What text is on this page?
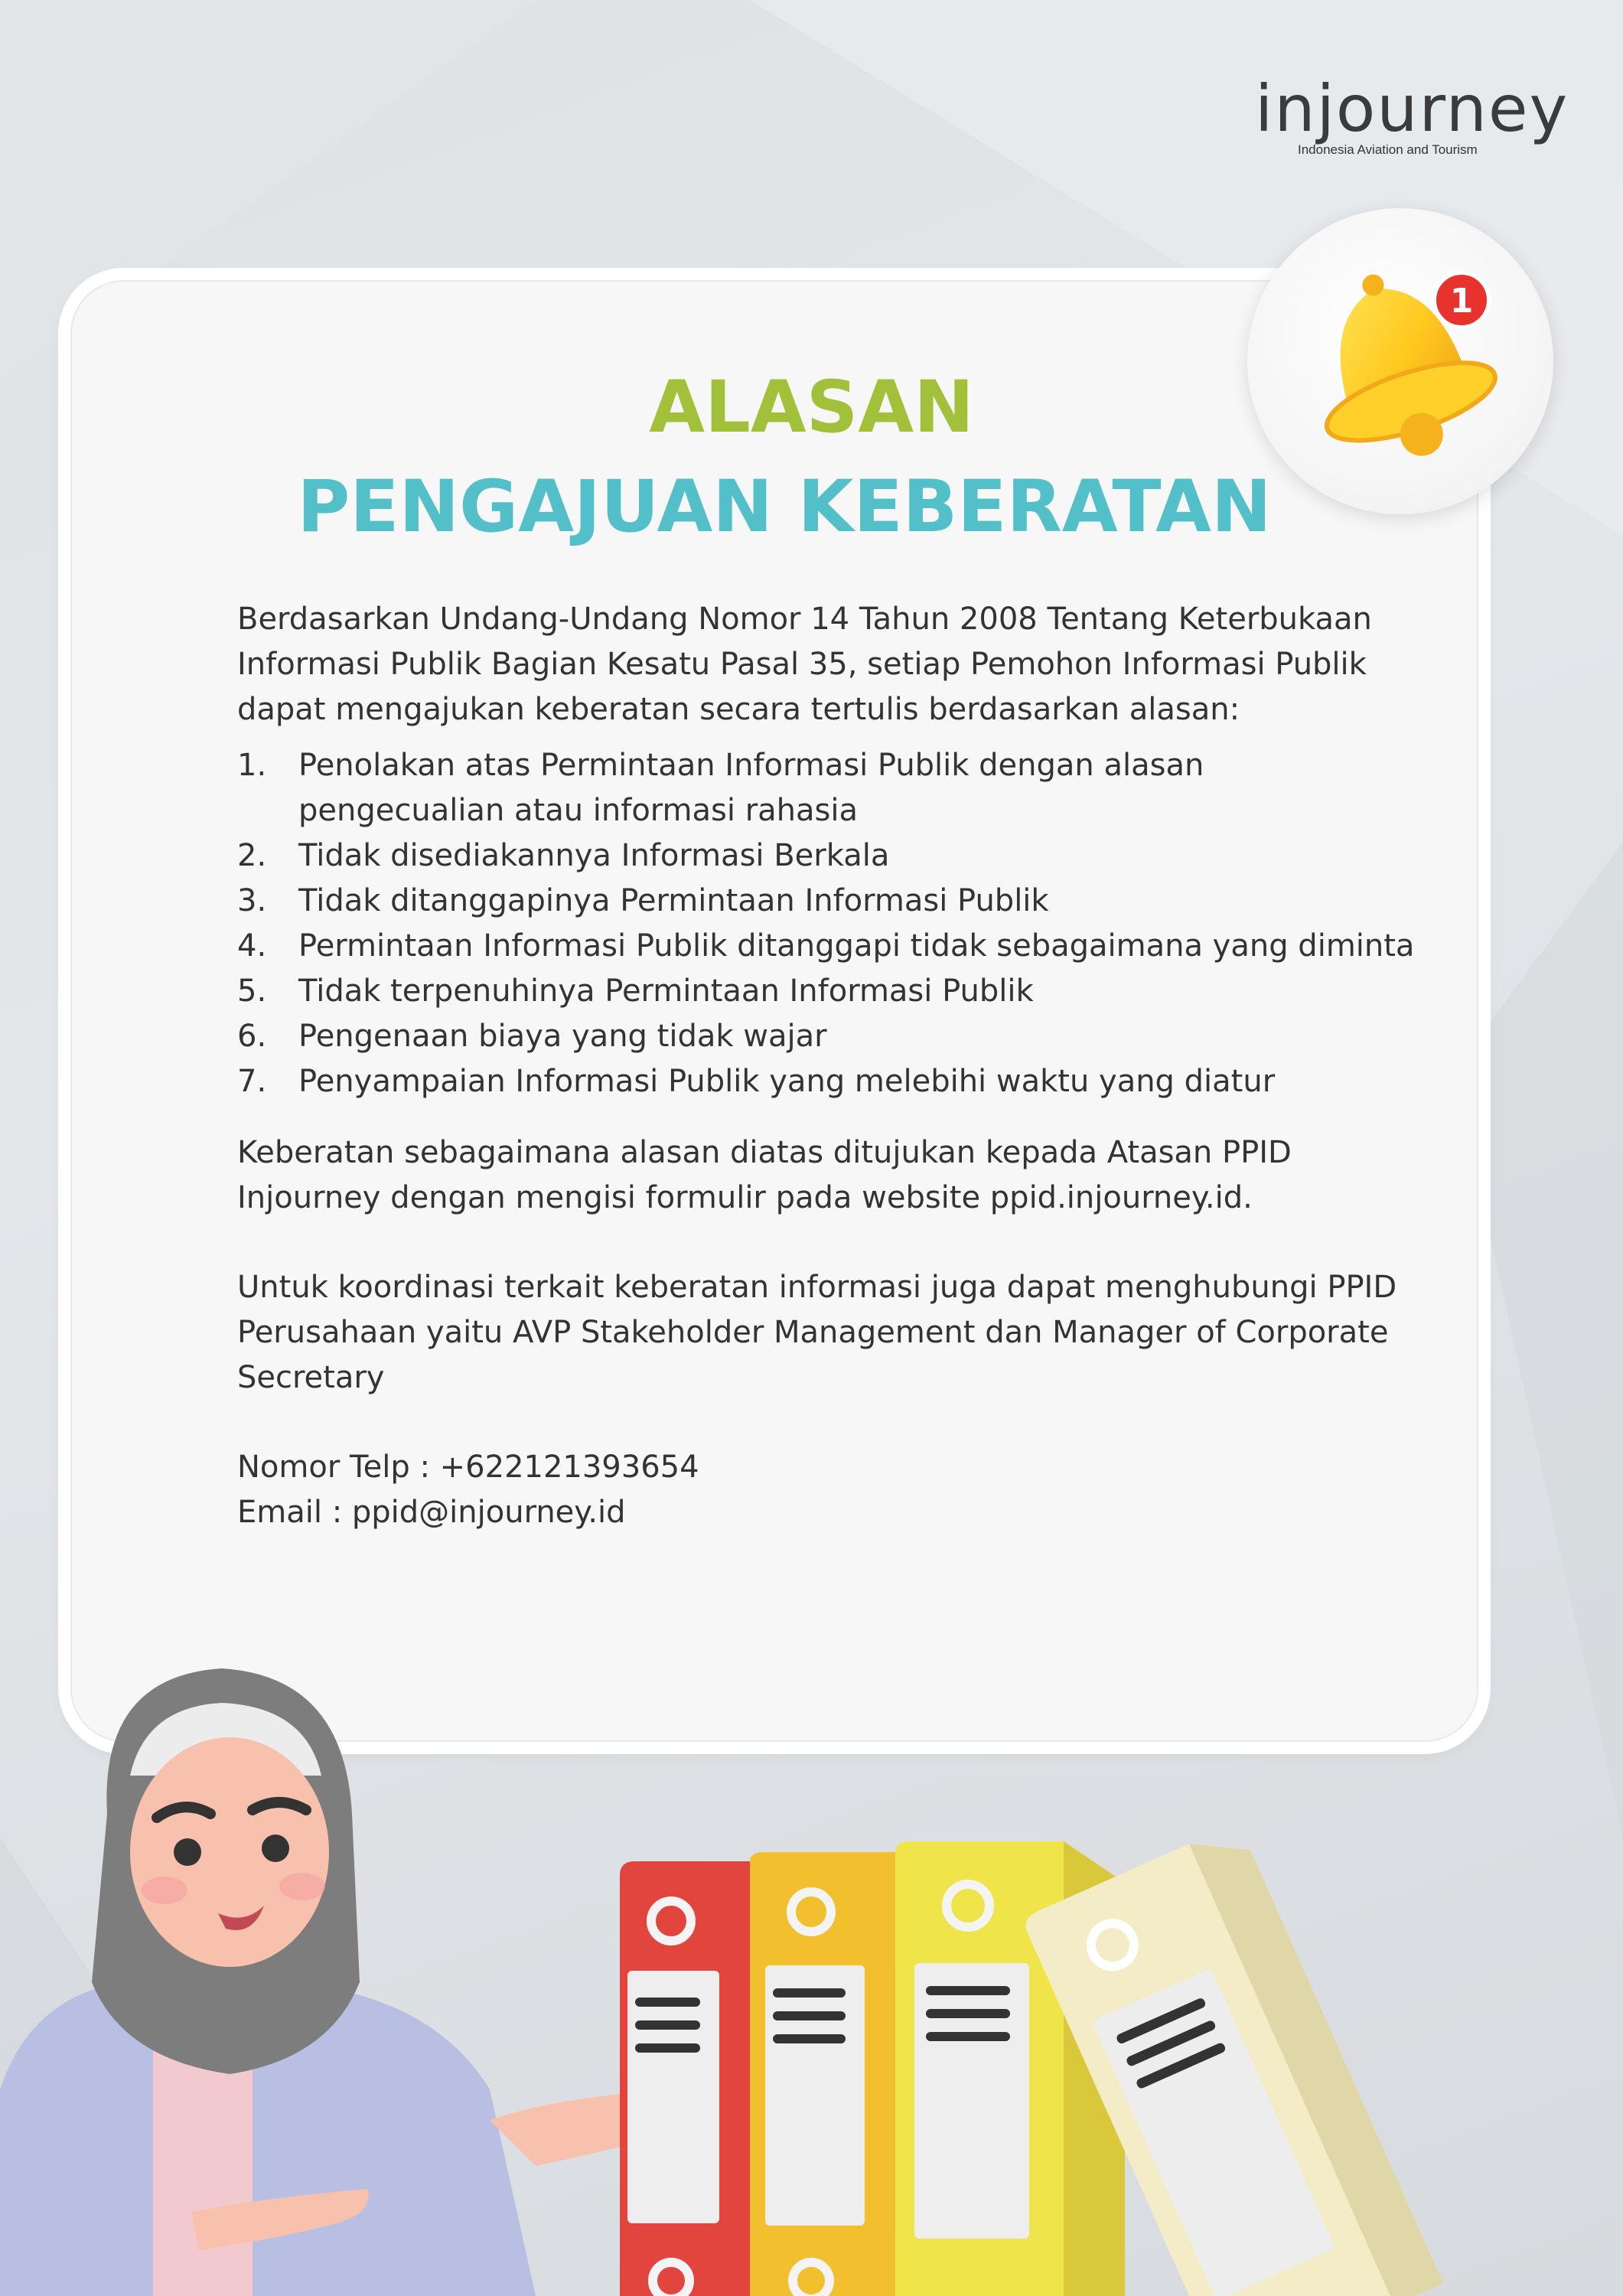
injourney
Indonesia Aviation and Tourism
1
ALASAN
PENGAJUAN KEBERATAN

Berdasarkan Undang-Undang Nomor 14 Tahun 2008 Tentang Keterbukaan Informasi Publik Bagian Kesatu Pasal 35, setiap Pemohon Informasi Publik dapat mengajukan keberatan secara tertulis berdasarkan alasan:

1. Penolakan atas Permintaan Informasi Publik dengan alasan pengecualian atau informasi rahasia
2. Tidak disediakannya Informasi Berkala
3. Tidak ditanggapinya Permintaan Informasi Publik
4. Permintaan Informasi Publik ditanggapi tidak sebagaimana yang diminta
5. Tidak terpenuhinya Permintaan Informasi Publik
6. Pengenaan biaya yang tidak wajar
7. Penyampaian Informasi Publik yang melebihi waktu yang diatur

Keberatan sebagaimana alasan diatas ditujukan kepada Atasan PPID Injourney dengan mengisi formulir pada website ppid.injourney.id.

Untuk koordinasi terkait keberatan informasi juga dapat menghubungi PPID Perusahaan yaitu AVP Stakeholder Management dan Manager of Corporate Secretary

Nomor Telp : +622121393654

Email : ppid@injourney.id
